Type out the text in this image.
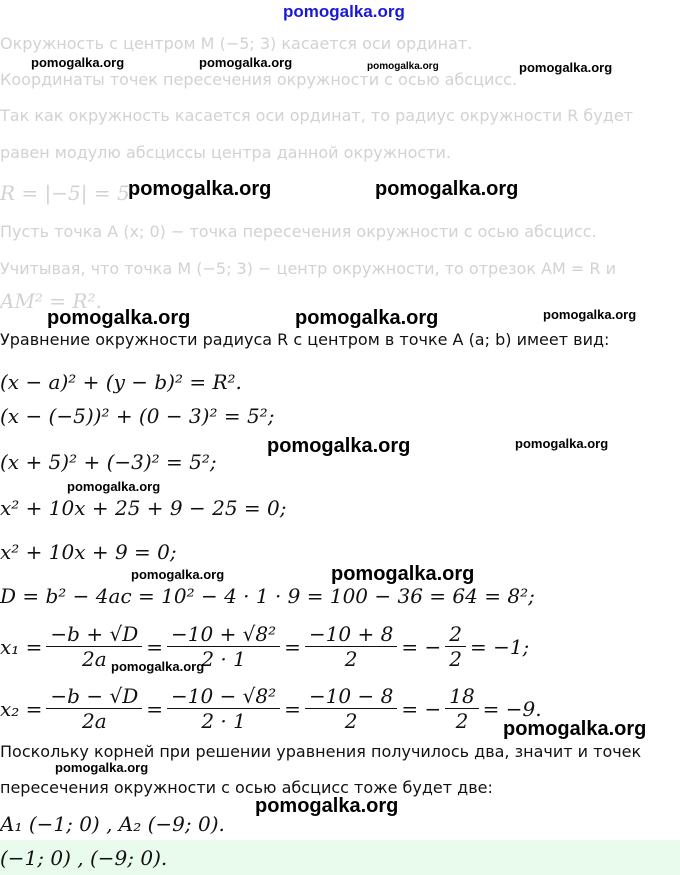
pomogalka.org
Окружность с центром M (−5; 3) касается оси ординат.
Координаты точек пересечения окружности с осью абсцисс.
Так как окружность касается оси ординат, то радиус окружности R будет
равен модулю абсциссы центра данной окружности.
R = |−5| = 5
Пусть точка A (x; 0) − точка пересечения окружности с осью абсцисс.
Учитывая, что точка M (−5; 3) − центр окружности, то отрезок AM = R и
AM² = R².
Уравнение окружности радиуса R с центром в точке A (a; b) имеет вид:
(x − a)² + (y − b)² = R².
(x − (−5))² + (0 − 3)² = 5²;
(x + 5)² + (−3)² = 5²;
x² + 10x + 25 + 9 − 25 = 0;
x² + 10x + 9 = 0;
D = b² − 4ac = 10² − 4 · 1 · 9 = 100 − 36 = 64 = 8²;
$x_1 = \frac{-b + √D}{2a} = \frac{\text{−10 + √8²}}{2 \cdot 1} = \frac{-10 + 8}{2}$ = − $\frac{2}{2} = -1$;
$x_2 = \frac{-b - √D}{2a} = \frac{\text{−10 − √8²}}{2 \cdot 1} = \frac{-10 - 8}{2}$ = − $\frac{18}{2} = -9$.
Поскольку корней при решении уравнения получилось два, значит и точек
пересечения окружности с осью абсцисс тоже будет две:
A₁ (−1; 0) , A₂ (−9; 0).
(−1; 0) , (−9; 0).
pomogalka.org	pomogalka.org	pomogalka.org	pomogalka.org
pomogalka.org	pomogalka.org
pomogalka.org	pomogalka.org	pomogalka.org
pomogalka.org	pomogalka.org
pomogalka.org
pomogalka.org	pomogalka.org
pomogalka.org
pomogalka.org
pomogalka.org
pomogalka.org
